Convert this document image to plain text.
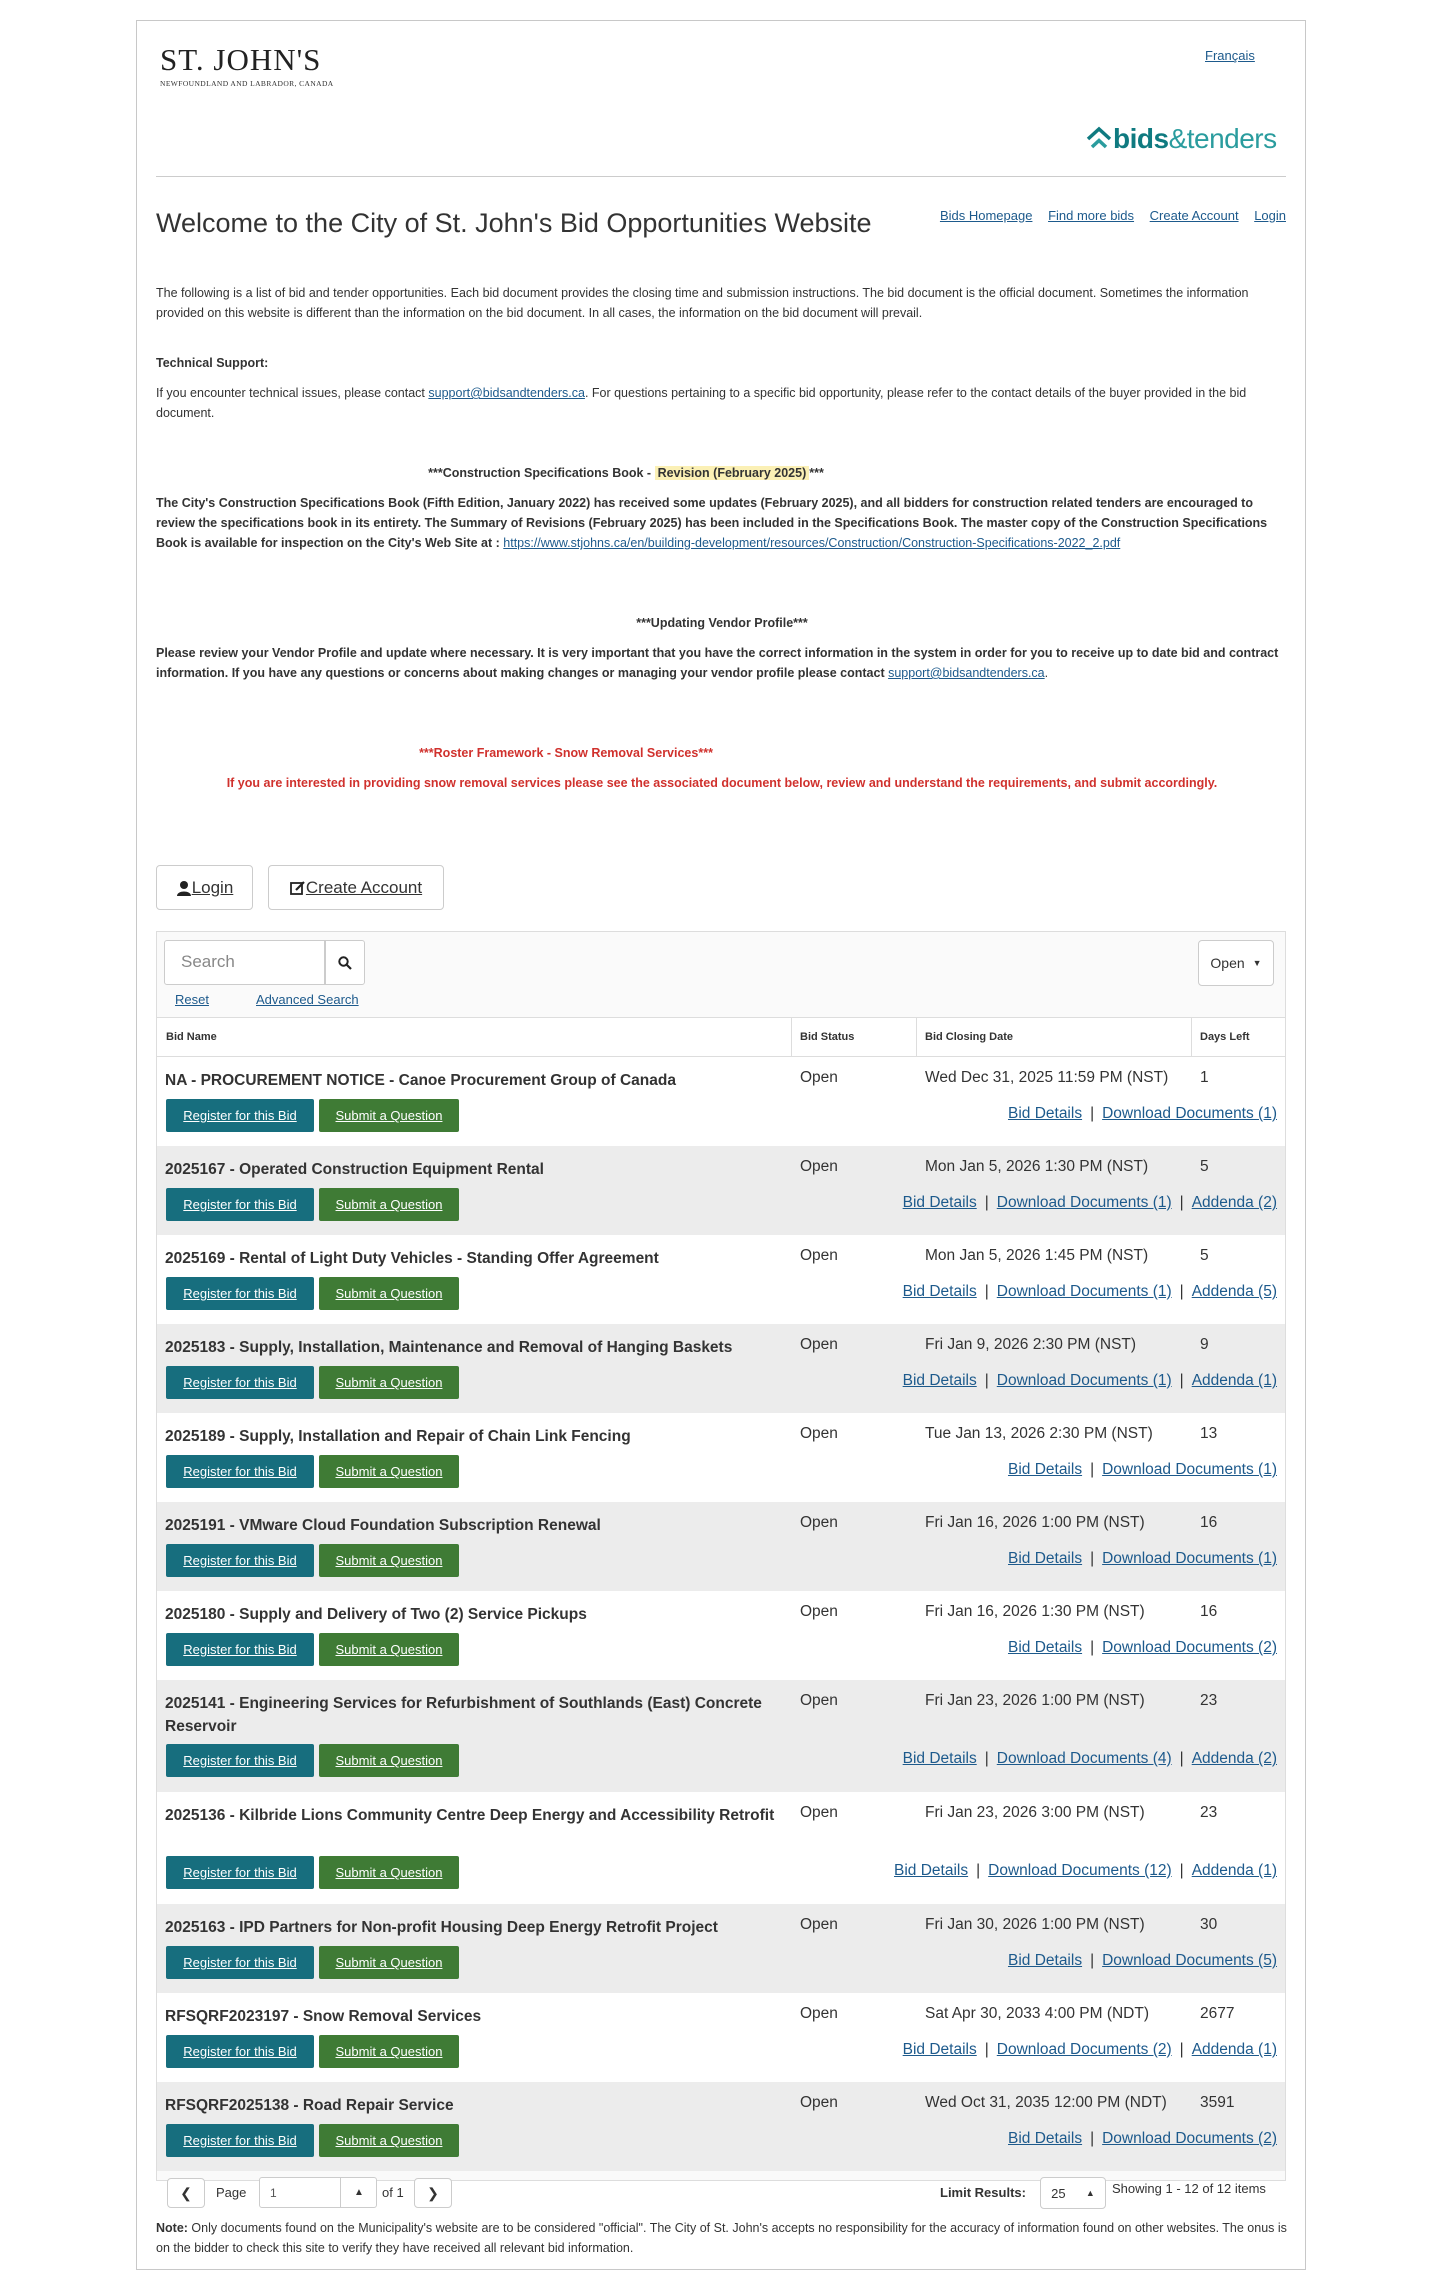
ST. JOHN'S
NEWFOUNDLAND AND LABRADOR, CANADA
Français
bids &tenders
Welcome to the City of St. John's Bid Opportunities Website	Bids Homepage Find more bids Create Account Login
The following is a list of bid and tender opportunities. Each bid document provides the closing time and submission instructions. The bid document is the official document. Sometimes the information provided on this website is different than the information on the bid document. In all cases, the information on the bid document will prevail.
Technical Support:
If you encounter technical issues, please contact support@bidsandtenders.ca. For questions pertaining to a specific bid opportunity, please refer to the contact details of the buyer provided in the bid document.
***Construction Specifications Book - Revision (February 2025) ***
The City's Construction Specifications Book (Fifth Edition, January 2022) has received some updates (February 2025), and all bidders for construction related tenders are encouraged to review the specifications book in its entirety. The Summary of Revisions (February 2025) has been included in the Specifications Book. The master copy of the Construction Specifications Book is available for inspection on the City's Web Site at : https://www.stjohns.ca/en/building-development/resources/Construction/Construction-Specifications-2022_2.pdf
***Updating Vendor Profile***
Please review your Vendor Profile and update where necessary. It is very important that you have the correct information in the system in order for you to receive up to date bid and contract information. If you have any questions or concerns about making changes or managing your vendor profile please contact support@bidsandtenders.ca.
***Roster Framework - Snow Removal Services***
If you are interested in providing snow removal services please see the associated document below, review and understand the requirements, and submit accordingly.
Login	Create Account
Search	Open ▼
Reset	Advanced Search
Bid Name	Bid Status	Bid Closing Date	Days Left
NA - PROCUREMENT NOTICE - Canoe Procurement Group of Canada	Open	Wed Dec 31, 2025 11:59 PM (NST) 1
Register for this Bid	Submit a Question	Bid Details | Download Documents (1)
2025167 - Operated Construction Equipment Rental	Open	Mon Jan 5, 2026 1:30 PM (NST)	5
Register for this Bid	Submit a Question	Bid Details | Download Documents (1) | Addenda (2)
2025169 - Rental of Light Duty Vehicles - Standing Offer Agreement	Open	Mon Jan 5, 2026 1:45 PM (NST)	5
Register for this Bid	Submit a Question	Bid Details | Download Documents (1) | Addenda (5)
2025183 - Supply, Installation, Maintenance and Removal of Hanging Baskets	Open	Fri Jan 9, 2026 2:30 PM (NST)	9
Register for this Bid	Submit a Question	Bid Details | Download Documents (1) | Addenda (1)
2025189 - Supply, Installation and Repair of Chain Link Fencing	Open	Tue Jan 13, 2026 2:30 PM (NST)	13
Register for this Bid	Submit a Question	Bid Details | Download Documents (1)
2025191 - VMware Cloud Foundation Subscription Renewal	Open	Fri Jan 16, 2026 1:00 PM (NST)	16
Register for this Bid	Submit a Question	Bid Details | Download Documents (1)
2025180 - Supply and Delivery of Two (2) Service Pickups	Open	Fri Jan 16, 2026 1:30 PM (NST)	16
Register for this Bid	Submit a Question	Bid Details | Download Documents (2)
2025141 - Engineering Services for Refurbishment of Southlands (East) Concrete Reservoir
Open	Fri Jan 23, 2026 1:00 PM (NST)	23
Register for this Bid	Submit a Question	Bid Details | Download Documents (4) | Addenda (2)
2025136 - Kilbride Lions Community Centre Deep Energy and Accessibility Retrofit	Open	Fri Jan 23, 2026 3:00 PM (NST)	23
Register for this Bid	Submit a Question	Bid Details | Download Documents (12) | Addenda (1)
2025163 - IPD Partners for Non-profit Housing Deep Energy Retrofit Project	Open	Fri Jan 30, 2026 1:00 PM (NST)	30
Register for this Bid	Submit a Question	Bid Details | Download Documents (5)
RFSQRF2023197 - Snow Removal Services	Open	Sat Apr 30, 2033 4:00 PM (NDT)	2677
Register for this Bid	Submit a Question	Bid Details | Download Documents (2) | Addenda (1)
RFSQRF2025138 - Road Repair Service	Open	Wed Oct 31, 2035 12:00 PM (NDT) 3591
Register for this Bid	Submit a Question	Bid Details | Download Documents (2)
❮ Page	1	▲ of 1 ❯	Limit Results: 25 ▲ Showing 1 - 12 of 12 items
Note: Only documents found on the Municipality's website are to be considered "official". The City of St. John's accepts no responsibility for the accuracy of information found on other websites. The onus is on the bidder to check this site to verify they have received all relevant bid information.
